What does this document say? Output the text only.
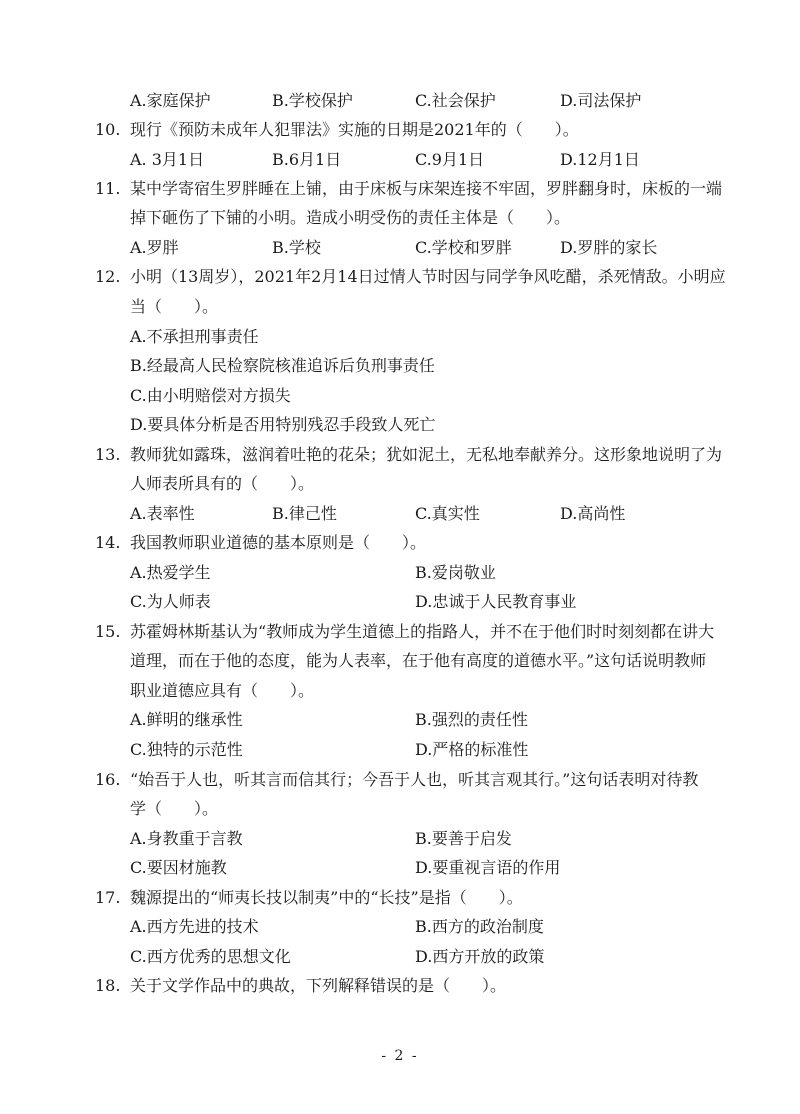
A.家庭保护	B.学校保护	C.社会保护	D.司法保护
10. 现行《预防未成年人犯罪法》实施的日期是2021年的（　　）。
A. 3月1日	B.6月1日	C.9月1日	D.12月1日
11. 某中学寄宿生罗胖睡在上铺，由于床板与床架连接不牢固，罗胖翻身时，床板的一端
掉下砸伤了下铺的小明。造成小明受伤的责任主体是（　　）。
A.罗胖	B.学校	C.学校和罗胖	D.罗胖的家长
12. 小明（13周岁），2021年2月14日过情人节时因与同学争风吃醋，杀死情敌。小明应
当（　　）。
A.不承担刑事责任
B.经最高人民检察院核准追诉后负刑事责任
C.由小明赔偿对方损失
D.要具体分析是否用特别残忍手段致人死亡
13. 教师犹如露珠，滋润着吐艳的花朵；犹如泥土，无私地奉献养分。这形象地说明了为
人师表所具有的（　　）。
A.表率性	B.律己性	C.真实性	D.高尚性
14. 我国教师职业道德的基本原则是（　　）。
A.热爱学生	B.爱岗敬业
C.为人师表	D.忠诚于人民教育事业
15. 苏霍姆林斯基认为“教师成为学生道德上的指路人，并不在于他们时时刻刻都在讲大
道理，而在于他的态度，能为人表率，在于他有高度的道德水平。”这句话说明教师
职业道德应具有（　　）。
A.鲜明的继承性	B.强烈的责任性
C.独特的示范性	D.严格的标准性
16. “始吾于人也，听其言而信其行；今吾于人也，听其言观其行。”这句话表明对待教
学（　　）。
A.身教重于言教	B.要善于启发
C.要因材施教	D.要重视言语的作用
17. 魏源提出的“师夷长技以制夷”中的“长技”是指（　　）。
A.西方先进的技术	B.西方的政治制度
C.西方优秀的思想文化	D.西方开放的政策
18. 关于文学作品中的典故，下列解释错误的是（　　）。
- 2 -
